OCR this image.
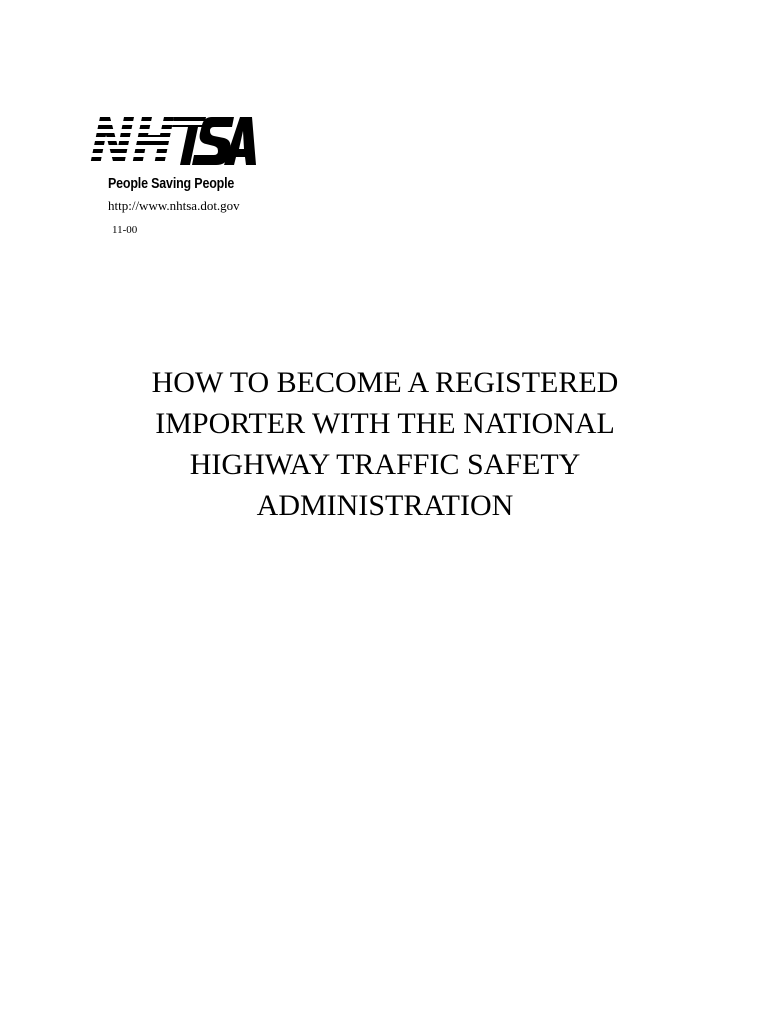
People Saving People
http://www.nhtsa.dot.gov
11-00
HOW TO BECOME A REGISTERED
IMPORTER WITH THE NATIONAL
HIGHWAY TRAFFIC SAFETY
ADMINISTRATION
